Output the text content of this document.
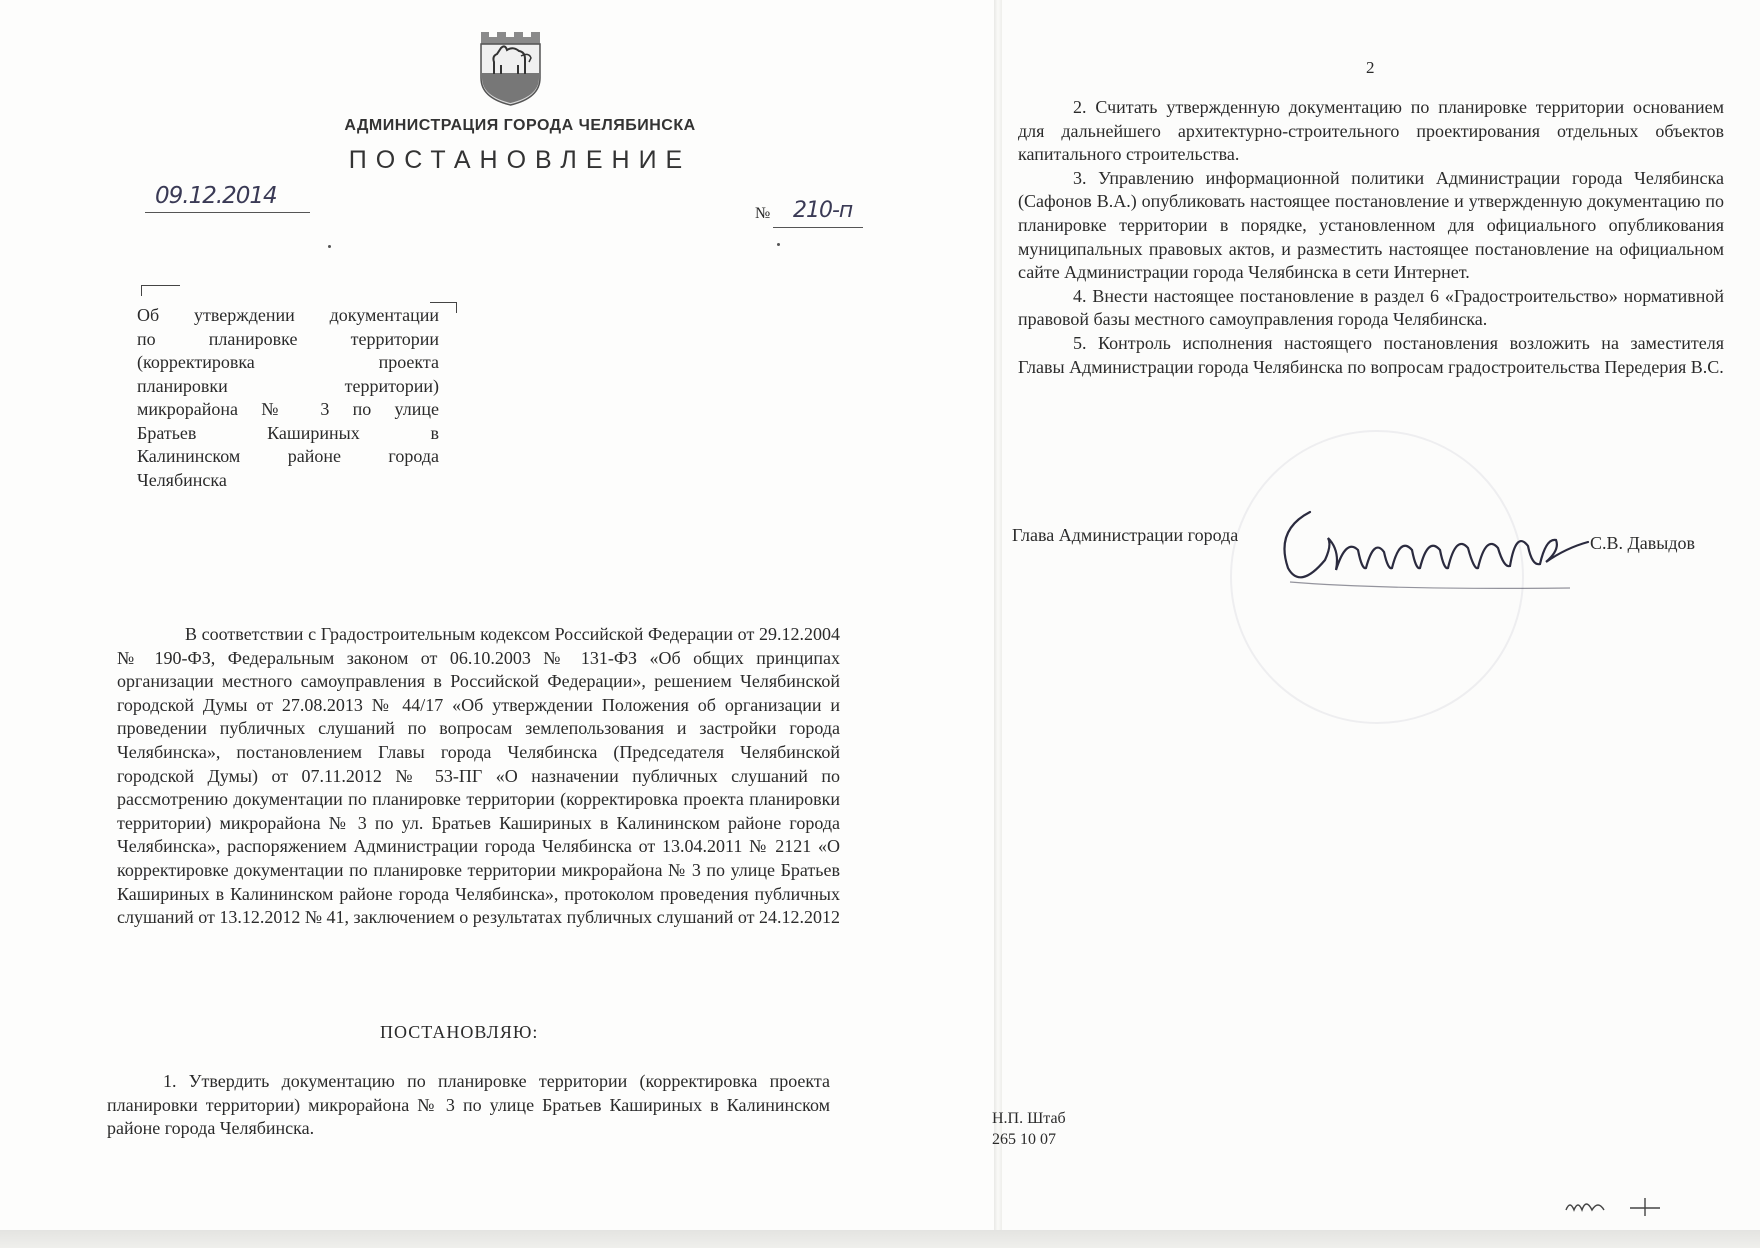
АДМИНИСТРАЦИЯ ГОРОДА ЧЕЛЯБИНСКА
ПОСТАНОВЛЕНИЕ
09.12.2014
№ 210-п
Об утверждении документации
по планировке территории
(корректировка проекта
планировки территории)
микрорайона № 3 по улице
Братьев Кашириных в
Калининском районе города
Челябинска
В соответствии с Градостроительным кодексом Российской Федерации от 29.12.2004 № 190-ФЗ, Федеральным законом от 06.10.2003 № 131-ФЗ «Об общих принципах организации местного самоуправления в Российской Федерации», решением Челябинской городской Думы от 27.08.2013 № 44/17 «Об утверждении Положения об организации и проведении публичных слушаний по вопросам землепользования и застройки города Челябинска», постановлением Главы города Челябинска (Председателя Челябинской городской Думы) от 07.11.2012 № 53-ПГ «О назначении публичных слушаний по рассмотрению документации по планировке территории (корректировка проекта планировки территории) микрорайона № 3 по ул. Братьев Кашириных в Калининском районе города Челябинска», распоряжением Администрации города Челябинска от 13.04.2011 № 2121 «О корректировке документации по планировке территории микрорайона № 3 по улице Братьев Кашириных в Калининском районе города Челябинска», протоколом проведения публичных слушаний от 13.12.2012 № 41, заключением о результатах публичных слушаний от 24.12.2012
ПОСТАНОВЛЯЮ:
1. Утвердить документацию по планировке территории (корректировка проекта планировки территории) микрорайона № 3 по улице Братьев Кашириных в Калининском районе города Челябинска.
2

2. Считать утвержденную документацию по планировке территории основанием для дальнейшего архитектурно-строительного проектирования отдельных объектов капитального строительства.

3. Управлению информационной политики Администрации города Челябинска (Сафонов В.А.) опубликовать настоящее постановление и утвержденную документацию по планировке территории в порядке, установленном для официального опубликования муниципальных правовых актов, и разместить настоящее постановление на официальном сайте Администрации города Челябинска в сети Интернет.

4. Внести настоящее постановление в раздел 6 «Градостроительство» нормативной правовой базы местного самоуправления города Челябинска.

5. Контроль исполнения настоящего постановления возложить на заместителя Главы Администрации города Челябинска по вопросам градостроительства Передерия В.С.

Глава Администрации города	С.В. Давыдов
Н.П. Штаб
265 10 07
